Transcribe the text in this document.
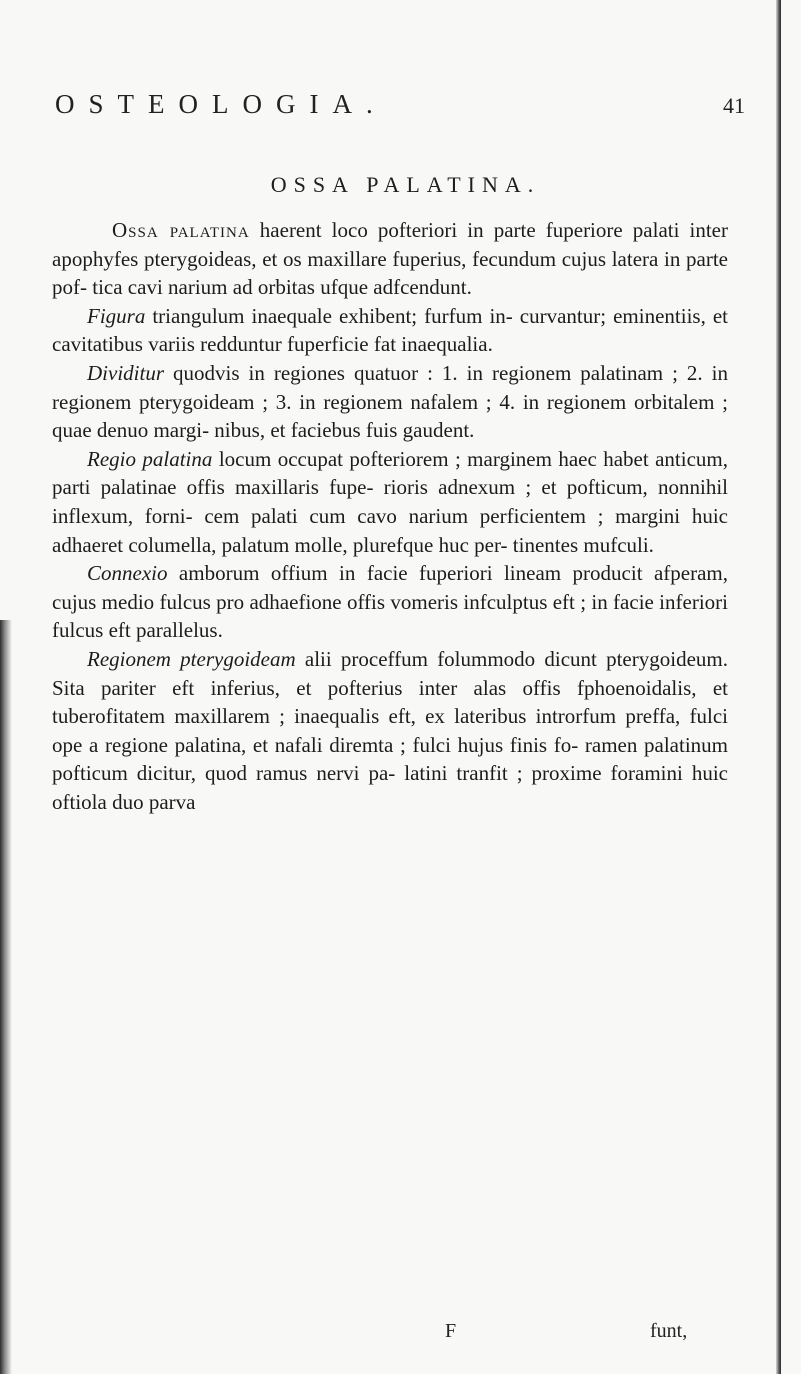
OSTEOLOGIA.	41
OSSA PALATINA.

Ossa palatina haerent loco pofteriori in parte fuperiore palati inter apophyfes pterygoideas, et os maxillare fuperius, fecundum cujus latera in parte pof- tica cavi narium ad orbitas ufque adfcendunt.

Figura triangulum inaequale exhibent; furfum in- curvantur; eminentiis, et cavitatibus variis redduntur fuperficie fat inaequalia.

Dividitur quodvis in regiones quatuor : 1. in regionem palatinam ; 2. in regionem pterygoideam ; 3. in regionem nafalem ; 4. in regionem orbitalem ; quae denuo margi- nibus, et faciebus fuis gaudent.

Regio palatina locum occupat pofteriorem ; marginem haec habet anticum, parti palatinae offis maxillaris fupe- rioris adnexum ; et pofticum, nonnihil inflexum, forni- cem palati cum cavo narium perficientem ; margini huic adhaeret columella, palatum molle, plurefque huc per- tinentes mufculi.

Connexio amborum offium in facie fuperiori lineam producit afperam, cujus medio fulcus pro adhaefione offis vomeris infculptus eft ; in facie inferiori fulcus eft parallelus.

Regionem pterygoideam alii proceffum folummodo dicunt pterygoideum. Sita pariter eft inferius, et pofterius inter alas offis fphoenoidalis, et tuberofitatem maxillarem ; inaequalis eft, ex lateribus introrfum preffa, fulci ope a regione palatina, et nafali diremta ; fulci hujus finis fo- ramen palatinum pofticum dicitur, quod ramus nervi pa- latini tranfit ; proxime foramini huic oftiola duo parva

F	funt,
